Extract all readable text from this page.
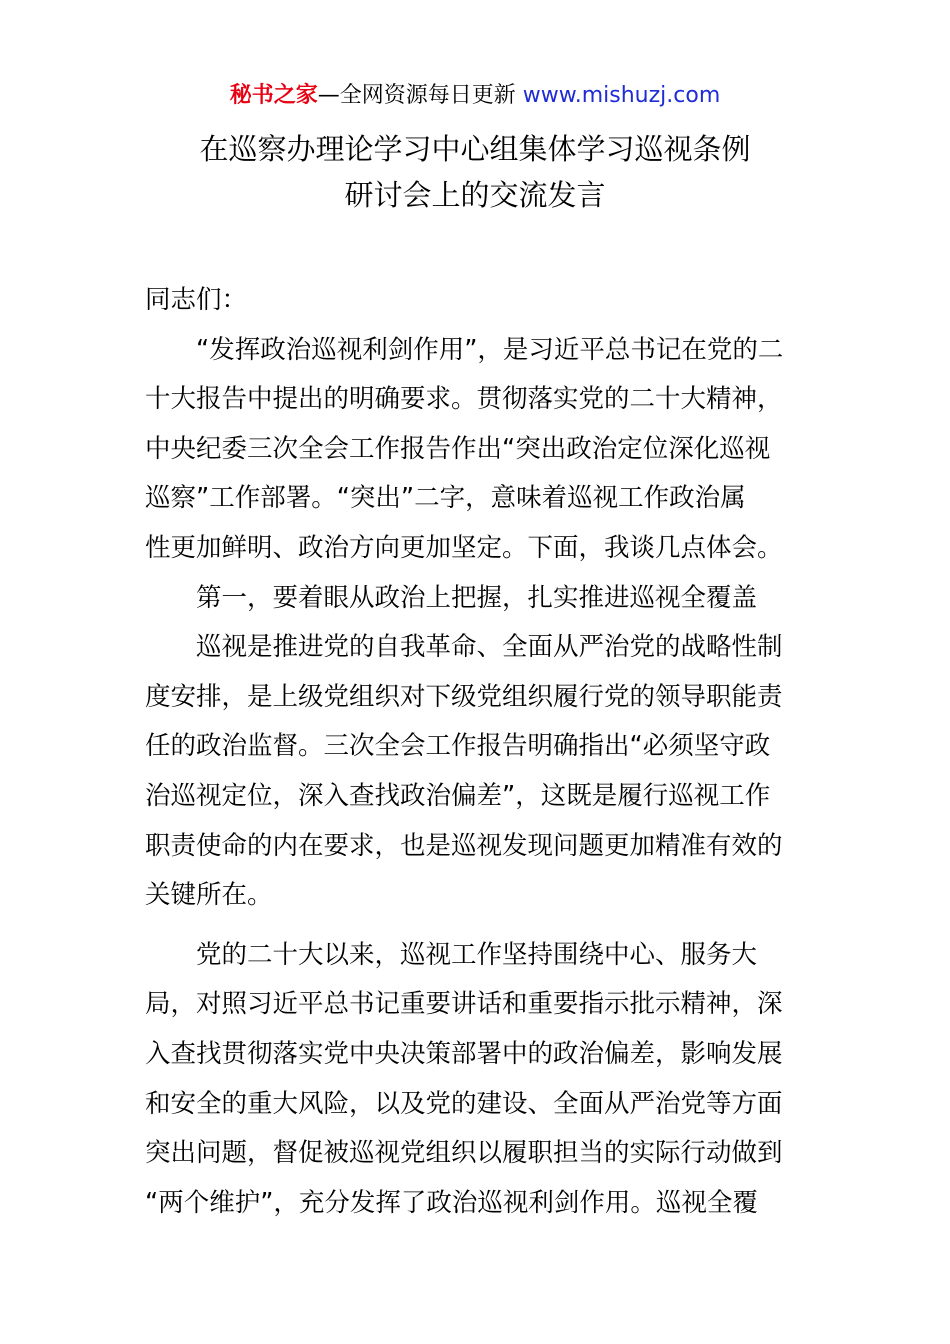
秘书之家—全网资源每日更新 www.mishuzj.com
在巡察办理论学习中心组集体学习巡视条例
研讨会上的交流发言
同志们：
“发挥政治巡视利剑作用”，是习近平总书记在党的二
十大报告中提出的明确要求。贯彻落实党的二十大精神，
中央纪委三次全会工作报告作出“突出政治定位深化巡视
巡察”工作部署。“突出”二字，意味着巡视工作政治属
性更加鲜明、政治方向更加坚定。下面，我谈几点体会。
第一，要着眼从政治上把握，扎实推进巡视全覆盖
巡视是推进党的自我革命、全面从严治党的战略性制
度安排，是上级党组织对下级党组织履行党的领导职能责
任的政治监督。三次全会工作报告明确指出“必须坚守政
治巡视定位，深入查找政治偏差”，这既是履行巡视工作
职责使命的内在要求，也是巡视发现问题更加精准有效的
关键所在。
党的二十大以来，巡视工作坚持围绕中心、服务大
局，对照习近平总书记重要讲话和重要指示批示精神，深
入查找贯彻落实党中央决策部署中的政治偏差，影响发展
和安全的重大风险，以及党的建设、全面从严治党等方面
突出问题，督促被巡视党组织以履职担当的实际行动做到
“两个维护”，充分发挥了政治巡视利剑作用。巡视全覆
